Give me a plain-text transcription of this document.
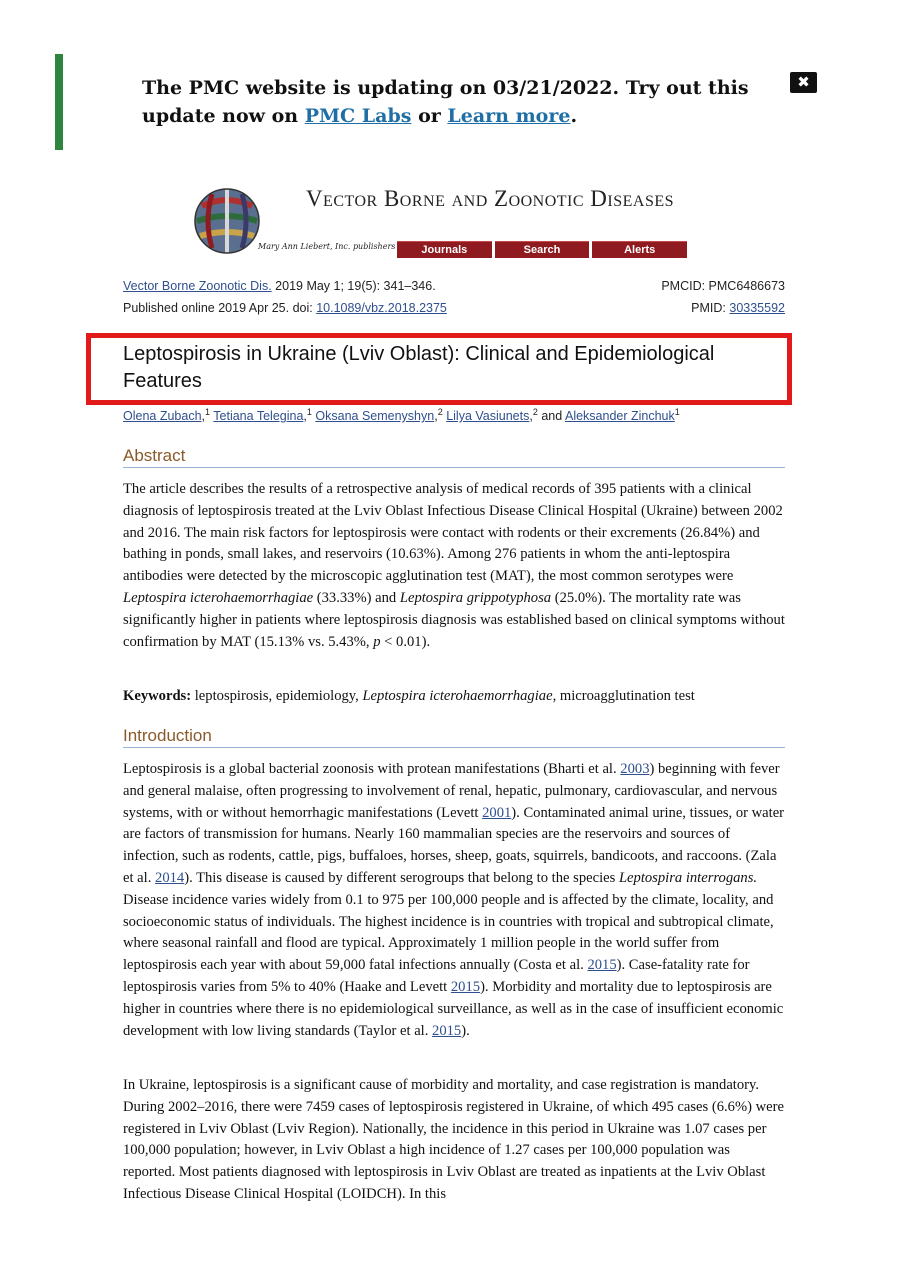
The PMC website is updating on 03/21/2022. Try out this update now on PMC Labs or Learn more.
✖
Mary Ann Liebert, Inc. publishers
Vector Borne and Zoonotic Diseases
Journals	Search	Alerts
Vector Borne Zoonotic Dis. 2019 May 1; 19(5): 341–346.	PMCID: PMC6486673
Published online 2019 Apr 25. doi: 10.1089/vbz.2018.2375	PMID: 30335592
Leptospirosis in Ukraine (Lviv Oblast): Clinical and Epidemiological Features
Olena Zubach,$^1$ Tetiana Telegina,$^1$ Oksana Semenyshyn,$^2$ Lilya Vasiunets,$^2$ and Aleksander Zinchuk$^1$
Abstract

The article describes the results of a retrospective analysis of medical records of 395 patients with a clinical diagnosis of leptospirosis treated at the Lviv Oblast Infectious Disease Clinical Hospital (Ukraine) between 2002 and 2016. The main risk factors for leptospirosis were contact with rodents or their excrements (26.84%) and bathing in ponds, small lakes, and reservoirs (10.63%). Among 276 patients in whom the anti-leptospira antibodies were detected by the microscopic agglutination test (MAT), the most common serotypes were Leptospira icterohaemorrhagiae (33.33%) and Leptospira grippotyphosa (25.0%). The mortality rate was significantly higher in patients where leptospirosis diagnosis was established based on clinical symptoms without confirmation by MAT (15.13% vs. 5.43%, p < 0.01).

Keywords: leptospirosis, epidemiology, Leptospira icterohaemorrhagiae, microagglutination test

Introduction

Leptospirosis is a global bacterial zoonosis with protean manifestations (Bharti et al. 2003) beginning with fever and general malaise, often progressing to involvement of renal, hepatic, pulmonary, cardiovascular, and nervous systems, with or without hemorrhagic manifestations (Levett 2001). Contaminated animal urine, tissues, or water are factors of transmission for humans. Nearly 160 mammalian species are the reservoirs and sources of infection, such as rodents, cattle, pigs, buffaloes, horses, sheep, goats, squirrels, bandicoots, and raccoons. (Zala et al. 2014). This disease is caused by different serogroups that belong to the species Leptospira interrogans. Disease incidence varies widely from 0.1 to 975 per 100,000 people and is affected by the climate, locality, and socioeconomic status of individuals. The highest incidence is in countries with tropical and subtropical climate, where seasonal rainfall and flood are typical. Approximately 1 million people in the world suffer from leptospirosis each year with about 59,000 fatal infections annually (Costa et al. 2015). Case-fatality rate for leptospirosis varies from 5% to 40% (Haake and Levett 2015). Morbidity and mortality due to leptospirosis are higher in countries where there is no epidemiological surveillance, as well as in the case of insufficient economic development with low living standards (Taylor et al. 2015).

In Ukraine, leptospirosis is a significant cause of morbidity and mortality, and case registration is mandatory. During 2002–2016, there were 7459 cases of leptospirosis registered in Ukraine, of which 495 cases (6.6%) were registered in Lviv Oblast (Lviv Region). Nationally, the incidence in this period in Ukraine was 1.07 cases per 100,000 population; however, in Lviv Oblast a high incidence of 1.27 cases per 100,000 population was reported. Most patients diagnosed with leptospirosis in Lviv Oblast are treated as inpatients at the Lviv Oblast Infectious Disease Clinical Hospital (LOIDCH). In this
